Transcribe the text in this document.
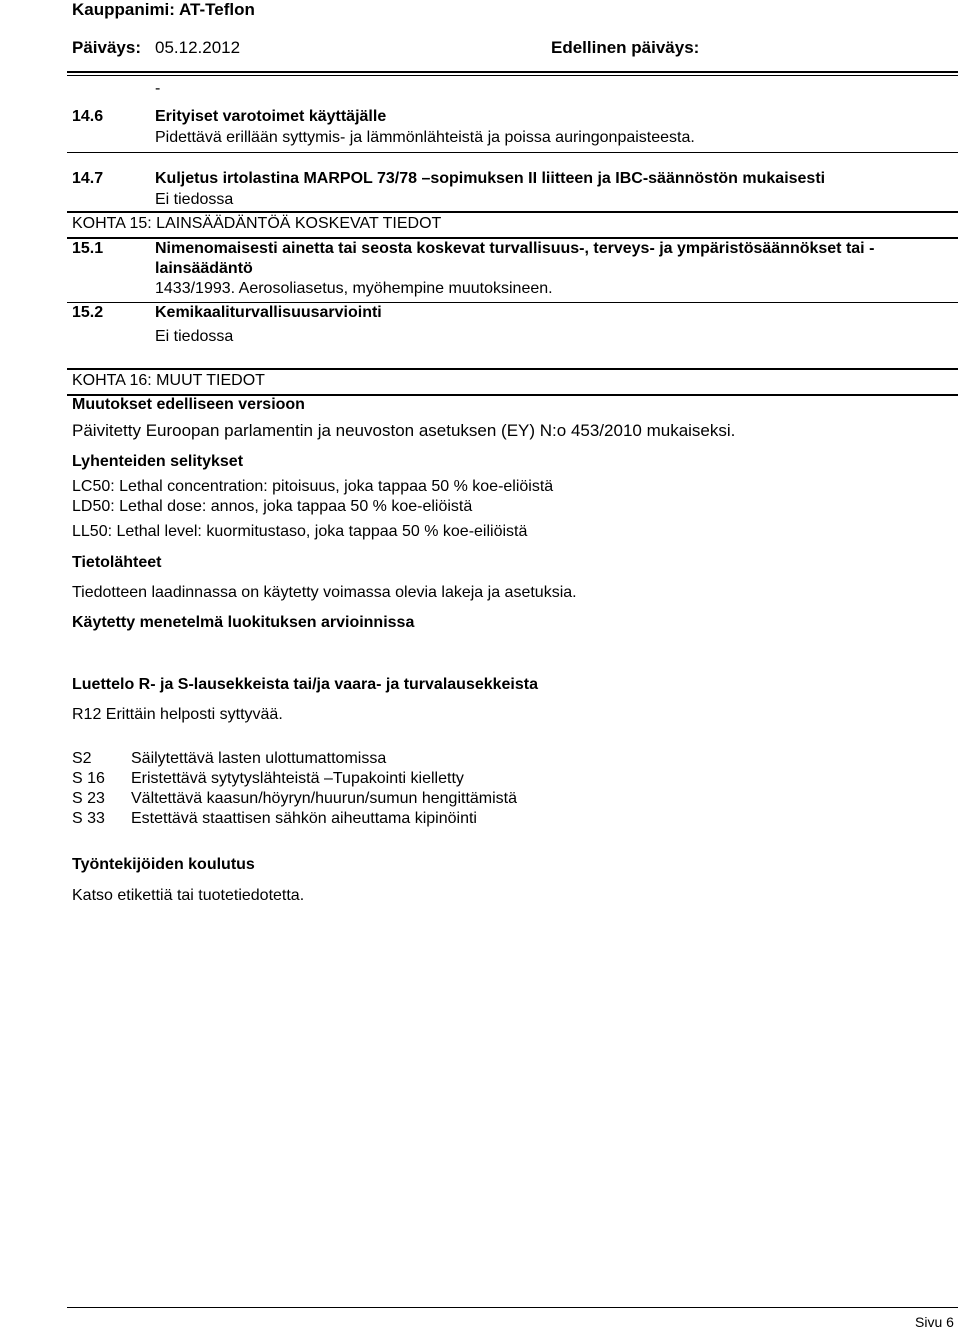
Kauppanimi: AT-Teflon
Päiväys: 05.12.2012	Edellinen päiväys:
-
14.6	Erityiset varotoimet käyttäjälle
Pidettävä erillään syttymis- ja lämmönlähteistä ja poissa auringonpaisteesta.
14.7	Kuljetus irtolastina MARPOL 73/78 –sopimuksen II liitteen ja IBC-säännöstön mukaisesti
Ei tiedossa
KOHTA 15: LAINSÄÄDÄNTÖÄ KOSKEVAT TIEDOT
15.1	Nimenomaisesti ainetta tai seosta koskevat turvallisuus-, terveys- ja ympäristösäännökset tai -
lainsäädäntö
1433/1993. Aerosoliasetus, myöhempine muutoksineen.
15.2	Kemikaaliturvallisuusarviointi
Ei tiedossa
KOHTA 16: MUUT TIEDOT
Muutokset edelliseen versioon
Päivitetty Euroopan parlamentin ja neuvoston asetuksen (EY) N:o 453/2010 mukaiseksi.
Lyhenteiden selitykset
LC50: Lethal concentration: pitoisuus, joka tappaa 50 % koe-eliöistä
LD50: Lethal dose: annos, joka tappaa 50 % koe-eliöistä
LL50: Lethal level: kuormitustaso, joka tappaa 50 % koe-eiliöistä
Tietolähteet
Tiedotteen laadinnassa on käytetty voimassa olevia lakeja ja asetuksia.
Käytetty menetelmä luokituksen arvioinnissa
Luettelo R- ja S-lausekkeista tai/ja vaara- ja turvalausekkeista
R12 Erittäin helposti syttyvää.
S2 Säilytettävä lasten ulottumattomissa
S 16 Eristettävä sytytyslähteistä –Tupakointi kielletty
S 23 Vältettävä kaasun/höyryn/huurun/sumun hengittämistä
S 33 Estettävä staattisen sähkön aiheuttama kipinöinti
Työntekijöiden koulutus
Katso etikettiä tai tuotetiedotetta.
Sivu 6
